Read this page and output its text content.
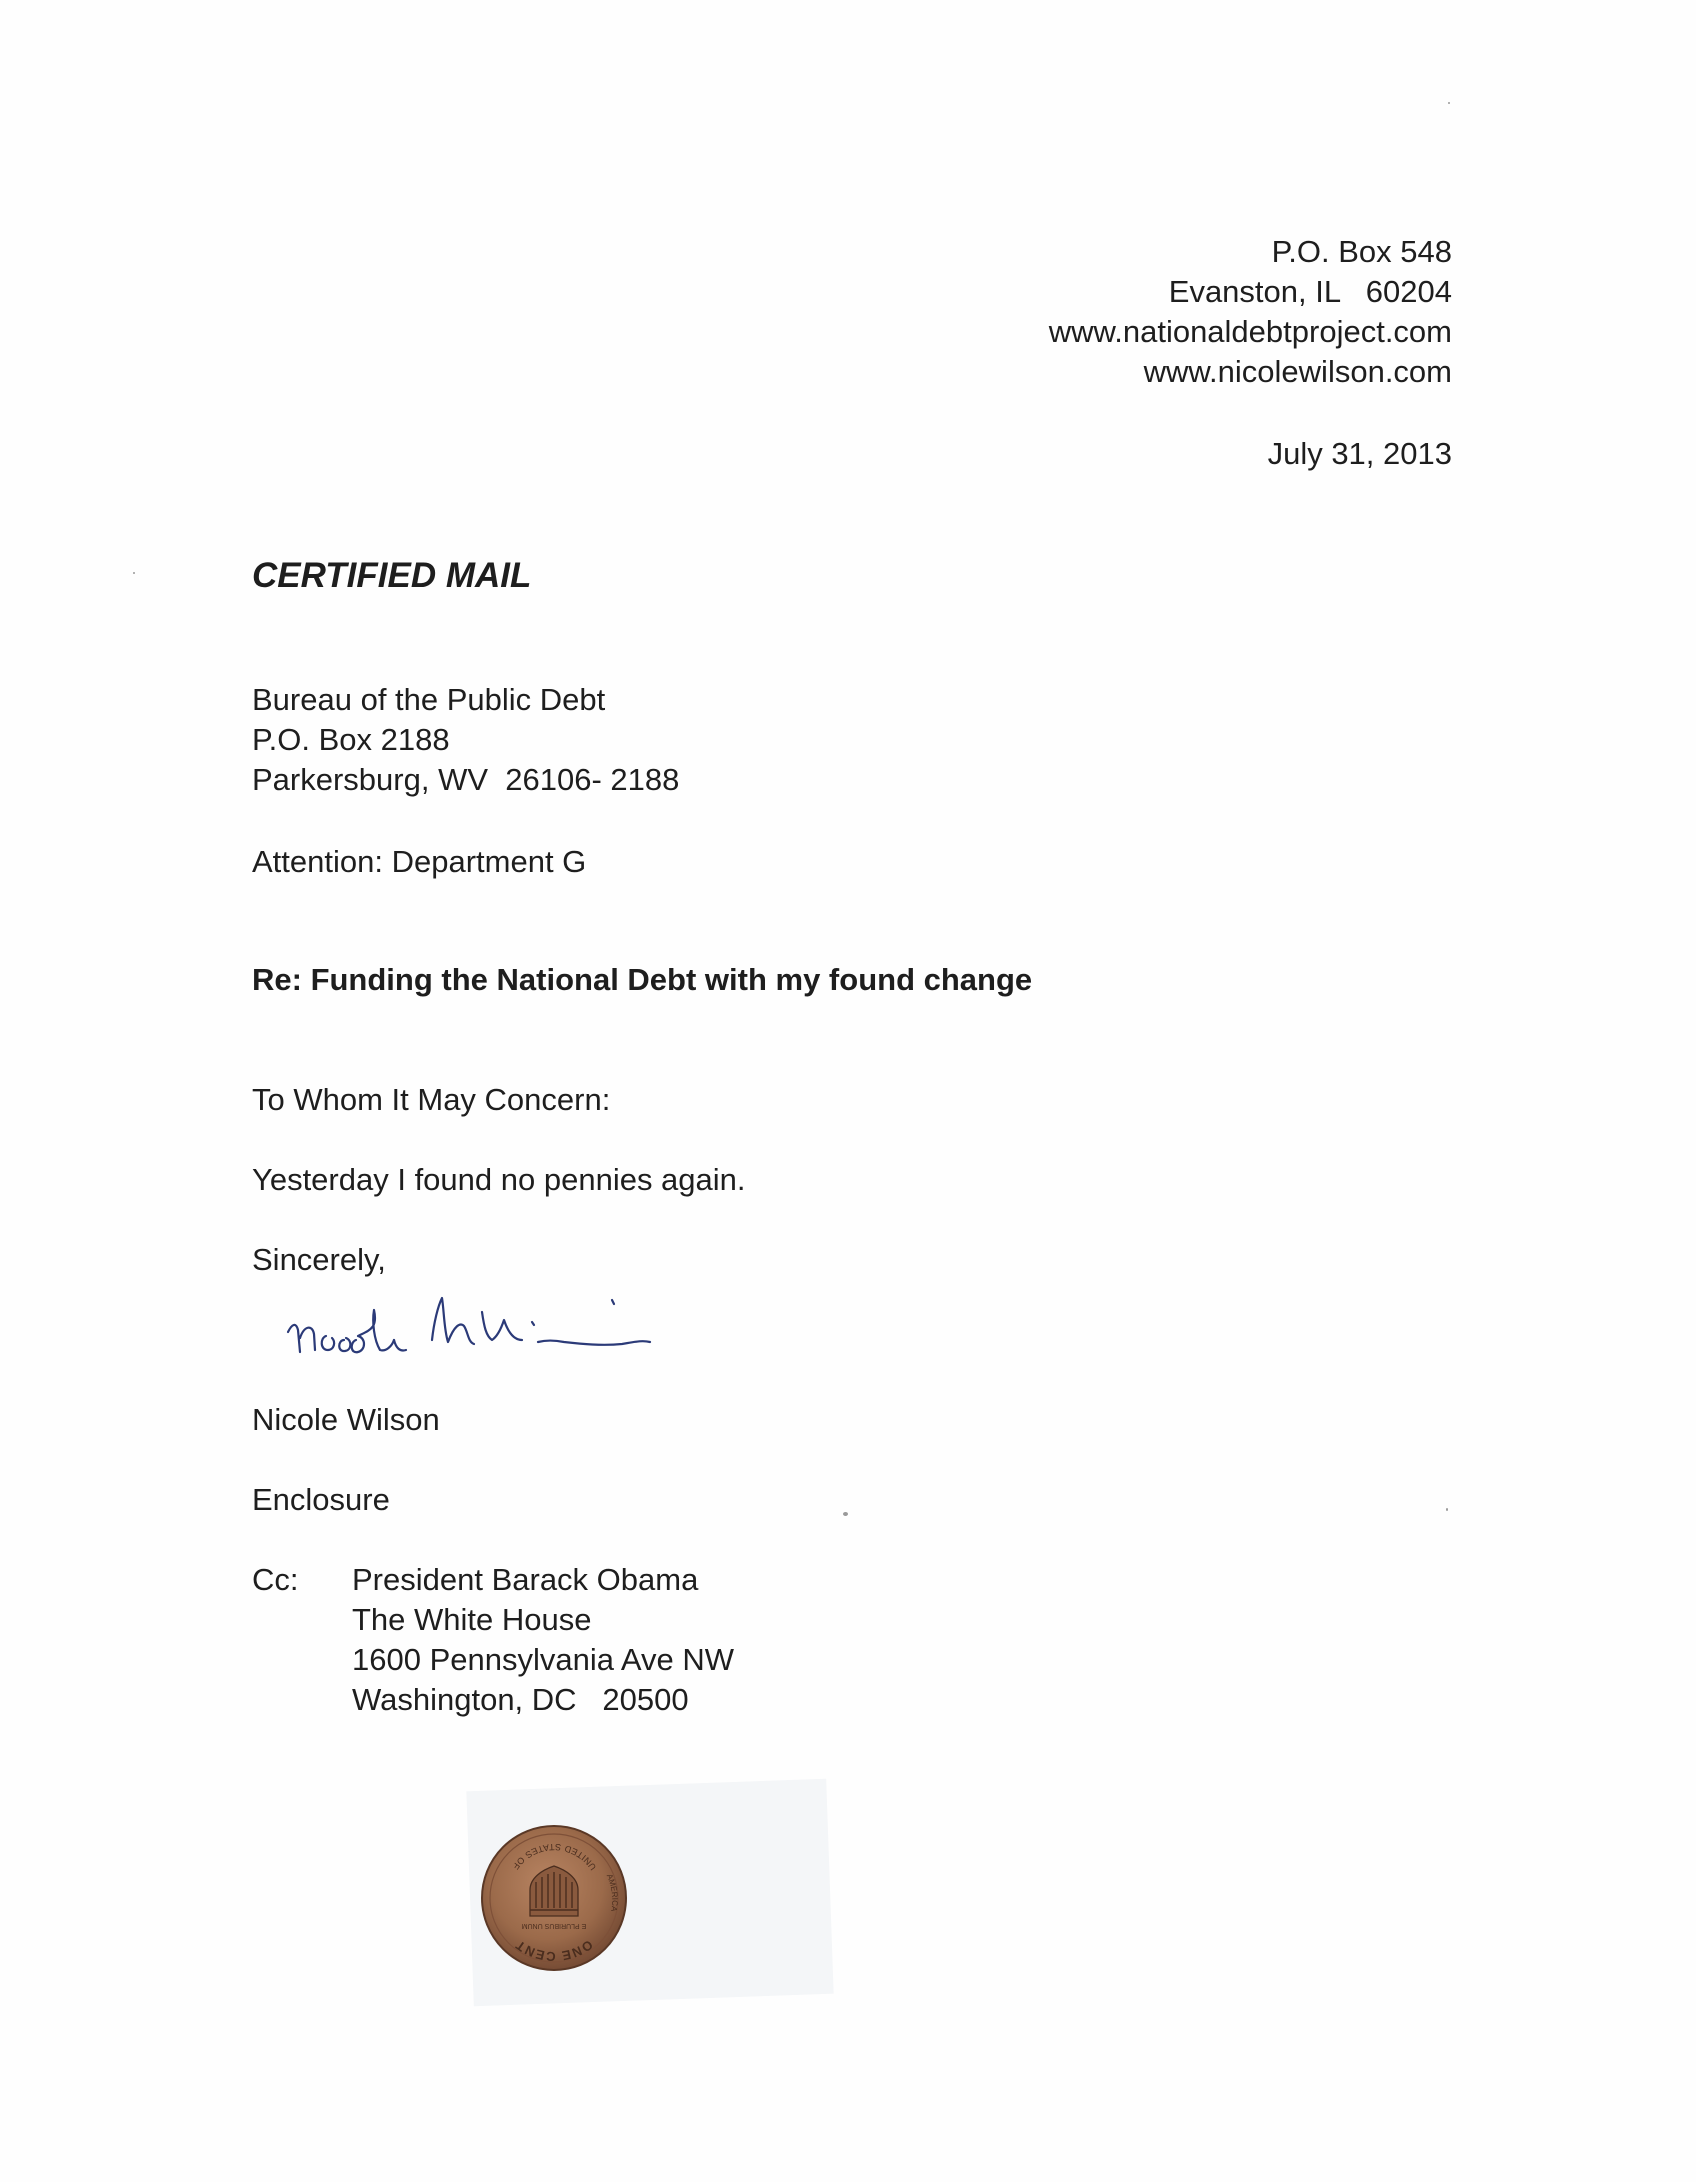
P.O. Box 548
Evanston, IL   60204
www.nationaldebtproject.com
www.nicolewilson.com
July 31, 2013
CERTIFIED MAIL
Bureau of the Public Debt
P.O. Box 2188
Parkersburg, WV  26106- 2188
Attention: Department G
Re: Funding the National Debt with my found change
To Whom It May Concern:
Yesterday I found no pennies again.
Sincerely,
Nicole Wilson
Enclosure
Cc: President Barack Obama
The White House
1600 Pennsylvania Ave NW
Washington, DC   20500
ONE CENT
UNITED STATES OF
AMERICA
E PLURIBUS UNUM
